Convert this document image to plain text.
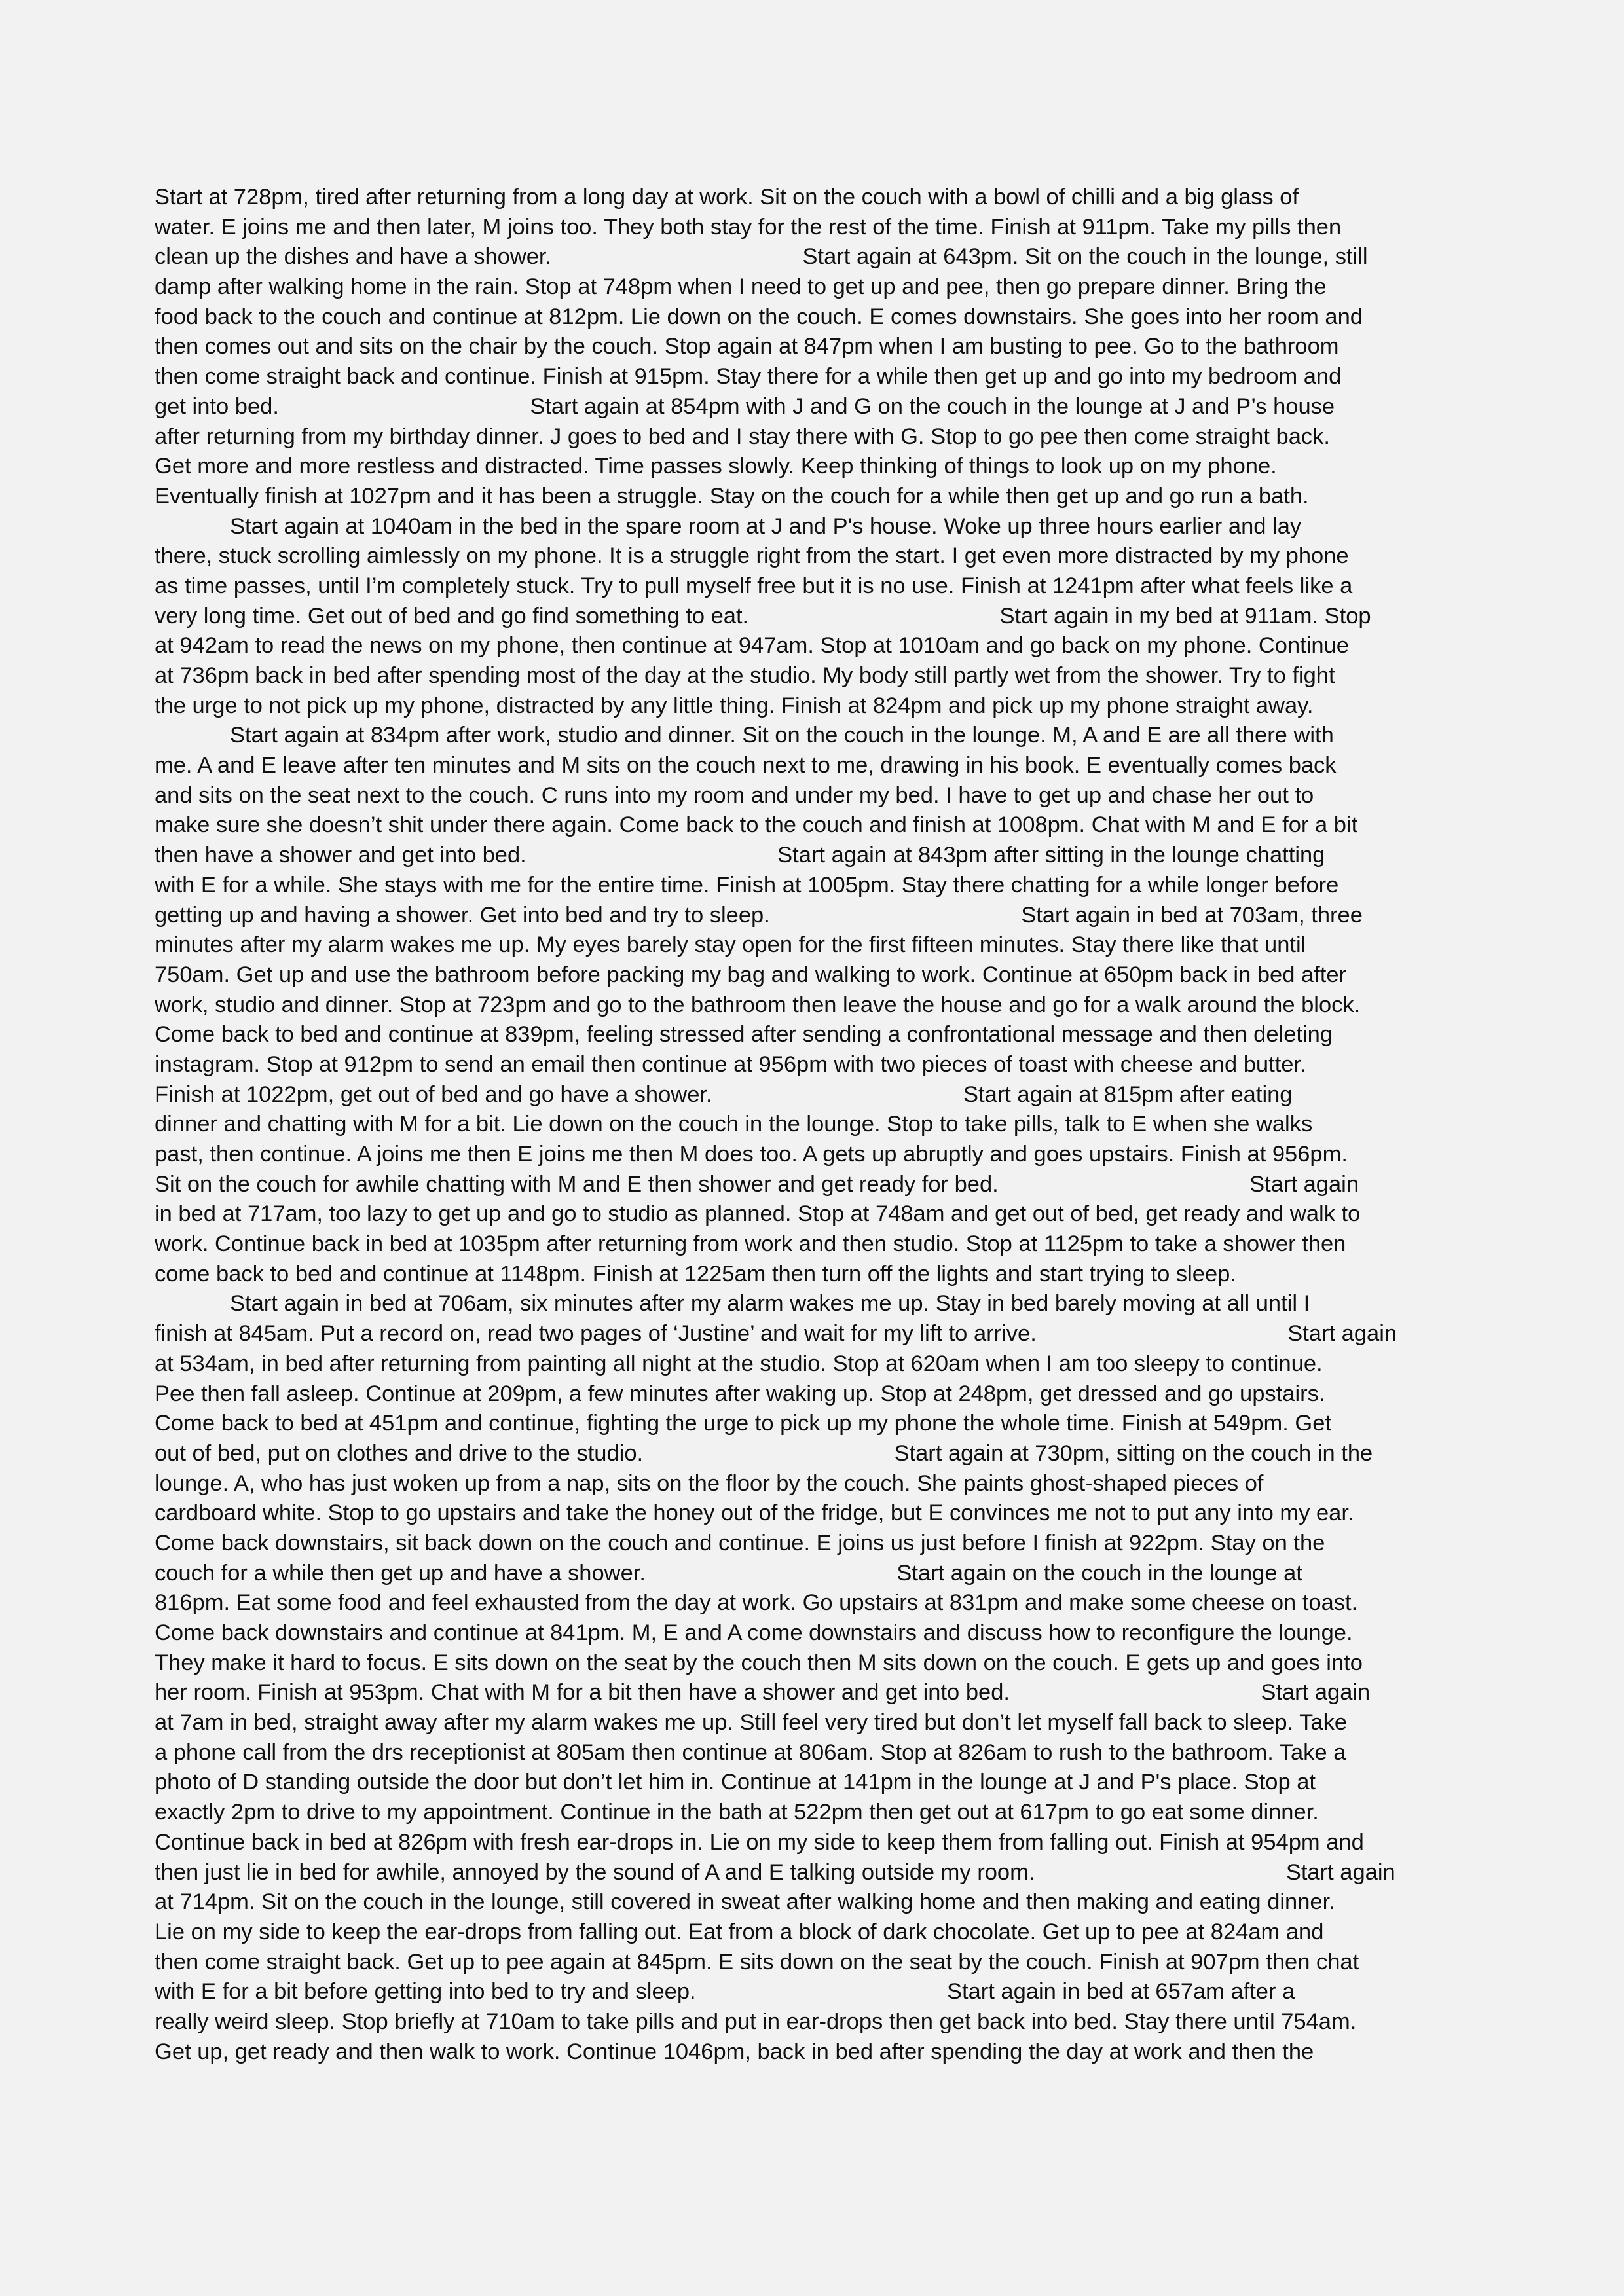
Start at 728pm, tired after returning from a long day at work. Sit on the couch with a bowl of chilli and a big glass of
water. E joins me and then later, M joins too. They both stay for the rest of the time. Finish at 911pm. Take my pills then
clean up the dishes and have a shower.                                        Start again at 643pm. Sit on the couch in the lounge, still
damp after walking home in the rain. Stop at 748pm when I need to get up and pee, then go prepare dinner. Bring the
food back to the couch and continue at 812pm. Lie down on the couch. E comes downstairs. She goes into her room and
then comes out and sits on the chair by the couch. Stop again at 847pm when I am busting to pee. Go to the bathroom
then come straight back and continue. Finish at 915pm. Stay there for a while then get up and go into my bedroom and
get into bed.                                        Start again at 854pm with J and G on the couch in the lounge at J and P’s house
after returning from my birthday dinner. J goes to bed and I stay there with G. Stop to go pee then come straight back.
Get more and more restless and distracted. Time passes slowly. Keep thinking of things to look up on my phone.
Eventually finish at 1027pm and it has been a struggle. Stay on the couch for a while then get up and go run a bath.
Start again at 1040am in the bed in the spare room at J and P's house. Woke up three hours earlier and lay
there, stuck scrolling aimlessly on my phone. It is a struggle right from the start. I get even more distracted by my phone
as time passes, until I’m completely stuck. Try to pull myself free but it is no use. Finish at 1241pm after what feels like a
very long time. Get out of bed and go find something to eat.                                        Start again in my bed at 911am. Stop
at 942am to read the news on my phone, then continue at 947am. Stop at 1010am and go back on my phone. Continue
at 736pm back in bed after spending most of the day at the studio. My body still partly wet from the shower. Try to fight
the urge to not pick up my phone, distracted by any little thing. Finish at 824pm and pick up my phone straight away.
Start again at 834pm after work, studio and dinner. Sit on the couch in the lounge. M, A and E are all there with
me. A and E leave after ten minutes and M sits on the couch next to me, drawing in his book. E eventually comes back
and sits on the seat next to the couch. C runs into my room and under my bed. I have to get up and chase her out to
make sure she doesn’t shit under there again. Come back to the couch and finish at 1008pm. Chat with M and E for a bit
then have a shower and get into bed.                                        Start again at 843pm after sitting in the lounge chatting
with E for a while. She stays with me for the entire time. Finish at 1005pm. Stay there chatting for a while longer before
getting up and having a shower. Get into bed and try to sleep.                                        Start again in bed at 703am, three
minutes after my alarm wakes me up. My eyes barely stay open for the first fifteen minutes. Stay there like that until
750am. Get up and use the bathroom before packing my bag and walking to work. Continue at 650pm back in bed after
work, studio and dinner. Stop at 723pm and go to the bathroom then leave the house and go for a walk around the block.
Come back to bed and continue at 839pm, feeling stressed after sending a confrontational message and then deleting
instagram. Stop at 912pm to send an email then continue at 956pm with two pieces of toast with cheese and butter.
Finish at 1022pm, get out of bed and go have a shower.                                        Start again at 815pm after eating
dinner and chatting with M for a bit. Lie down on the couch in the lounge. Stop to take pills, talk to E when she walks
past, then continue. A joins me then E joins me then M does too. A gets up abruptly and goes upstairs. Finish at 956pm.
Sit on the couch for awhile chatting with M and E then shower and get ready for bed.                                        Start again
in bed at 717am, too lazy to get up and go to studio as planned. Stop at 748am and get out of bed, get ready and walk to
work. Continue back in bed at 1035pm after returning from work and then studio. Stop at 1125pm to take a shower then
come back to bed and continue at 1148pm. Finish at 1225am then turn off the lights and start trying to sleep.
Start again in bed at 706am, six minutes after my alarm wakes me up. Stay in bed barely moving at all until I
finish at 845am. Put a record on, read two pages of ‘Justine’ and wait for my lift to arrive.                                        Start again
at 534am, in bed after returning from painting all night at the studio. Stop at 620am when I am too sleepy to continue.
Pee then fall asleep. Continue at 209pm, a few minutes after waking up. Stop at 248pm, get dressed and go upstairs.
Come back to bed at 451pm and continue, fighting the urge to pick up my phone the whole time. Finish at 549pm. Get
out of bed, put on clothes and drive to the studio.                                        Start again at 730pm, sitting on the couch in the
lounge. A, who has just woken up from a nap, sits on the floor by the couch. She paints ghost-shaped pieces of
cardboard white. Stop to go upstairs and take the honey out of the fridge, but E convinces me not to put any into my ear.
Come back downstairs, sit back down on the couch and continue. E joins us just before I finish at 922pm. Stay on the
couch for a while then get up and have a shower.                                        Start again on the couch in the lounge at
816pm. Eat some food and feel exhausted from the day at work. Go upstairs at 831pm and make some cheese on toast.
Come back downstairs and continue at 841pm. M, E and A come downstairs and discuss how to reconfigure the lounge.
They make it hard to focus. E sits down on the seat by the couch then M sits down on the couch. E gets up and goes into
her room. Finish at 953pm. Chat with M for a bit then have a shower and get into bed.                                        Start again
at 7am in bed, straight away after my alarm wakes me up. Still feel very tired but don’t let myself fall back to sleep. Take
a phone call from the drs receptionist at 805am then continue at 806am. Stop at 826am to rush to the bathroom. Take a
photo of D standing outside the door but don’t let him in. Continue at 141pm in the lounge at J and P's place. Stop at
exactly 2pm to drive to my appointment. Continue in the bath at 522pm then get out at 617pm to go eat some dinner.
Continue back in bed at 826pm with fresh ear-drops in. Lie on my side to keep them from falling out. Finish at 954pm and
then just lie in bed for awhile, annoyed by the sound of A and E talking outside my room.                                        Start again
at 714pm. Sit on the couch in the lounge, still covered in sweat after walking home and then making and eating dinner.
Lie on my side to keep the ear-drops from falling out. Eat from a block of dark chocolate. Get up to pee at 824am and
then come straight back. Get up to pee again at 845pm. E sits down on the seat by the couch. Finish at 907pm then chat
with E for a bit before getting into bed to try and sleep.                                        Start again in bed at 657am after a
really weird sleep. Stop briefly at 710am to take pills and put in ear-drops then get back into bed. Stay there until 754am.
Get up, get ready and then walk to work. Continue 1046pm, back in bed after spending the day at work and then the
